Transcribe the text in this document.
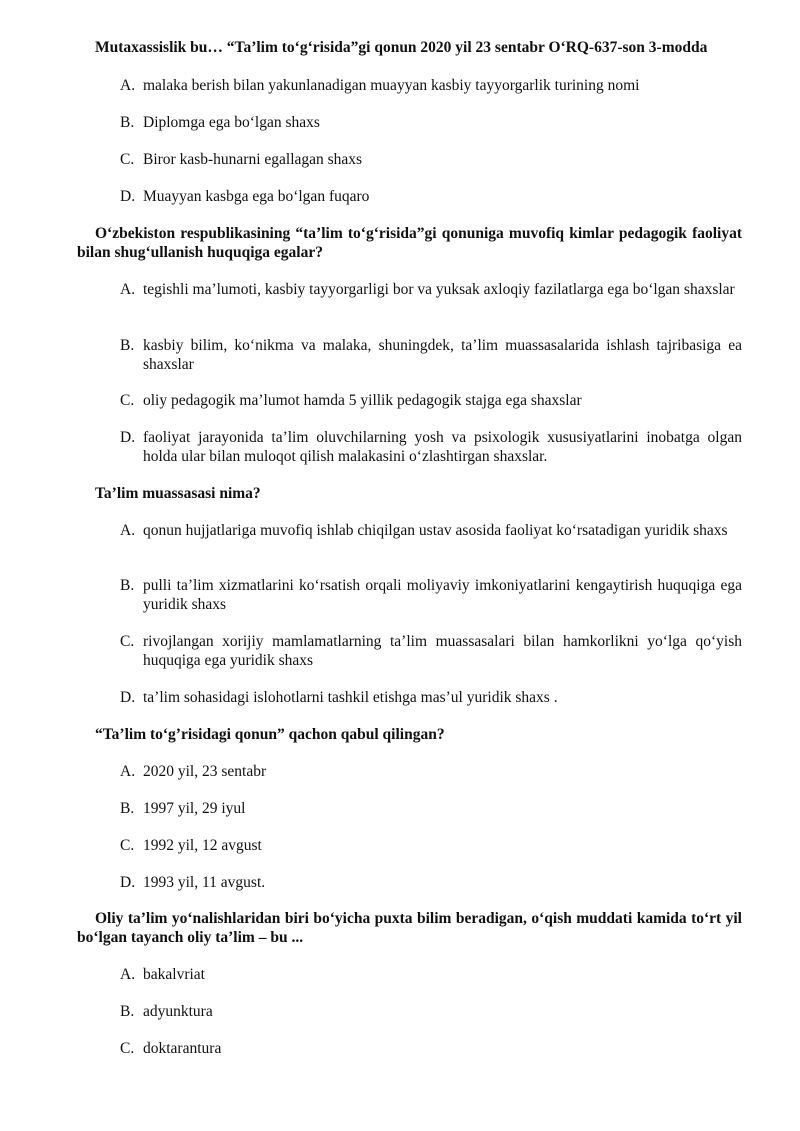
Mutaxassislik bu… “Ta’lim to‘g‘risida”gi qonun 2020 yil 23 sentabr O‘RQ-637-son 3-modda
A. malaka berish bilan yakunlanadigan muayyan kasbiy tayyorgarlik turining nomi
B. Diplomga ega bo‘lgan shaxs
C. Biror kasb-hunarni egallagan shaxs
D. Muayyan kasbga ega bo‘lgan fuqaro
O‘zbekiston respublikasining “ta’lim to‘g‘risida”gi qonuniga muvofiq kimlar pedagogik faoliyat bilan shug‘ullanish huquqiga egalar?
A. tegishli ma’lumoti, kasbiy tayyorgarligi bor va yuksak axloqiy fazilatlarga ega bo‘lgan shaxslar
B. kasbiy bilim, ko‘nikma va malaka, shuningdek, ta’lim muassasalarida ishlash tajribasiga ea shaxslar
C. oliy pedagogik ma’lumot hamda 5 yillik pedagogik stajga ega shaxslar
D. faoliyat jarayonida ta’lim oluvchilarning yosh va psixologik xususiyatlarini inobatga olgan holda ular bilan muloqot qilish malakasini o‘zlashtirgan shaxslar.
Ta’lim muassasasi nima?
A. qonun hujjatlariga muvofiq ishlab chiqilgan ustav asosida faoliyat ko‘rsatadigan yuridik shaxs
B. pulli ta’lim xizmatlarini ko‘rsatish orqali moliyaviy imkoniyatlarini kengaytirish huquqiga ega yuridik shaxs
C. rivojlangan xorijiy mamlamatlarning ta’lim muassasalari bilan hamkorlikni yo‘lga qo‘yish huquqiga ega yuridik shaxs
D. ta’lim sohasidagi islohotlarni tashkil etishga mas’ul yuridik shaxs .
“Ta’lim to‘g’risidagi qonun” qachon qabul qilingan?
A. 2020 yil, 23 sentabr
B. 1997 yil, 29 iyul
C. 1992 yil, 12 avgust
D. 1993 yil, 11 avgust.
Oliy ta’lim yo‘nalishlaridan biri bo‘yicha puxta bilim beradigan, o‘qish muddati kamida to‘rt yil bo‘lgan tayanch oliy ta’lim – bu ...
A. bakalvriat
B. adyunktura
C. doktarantura
